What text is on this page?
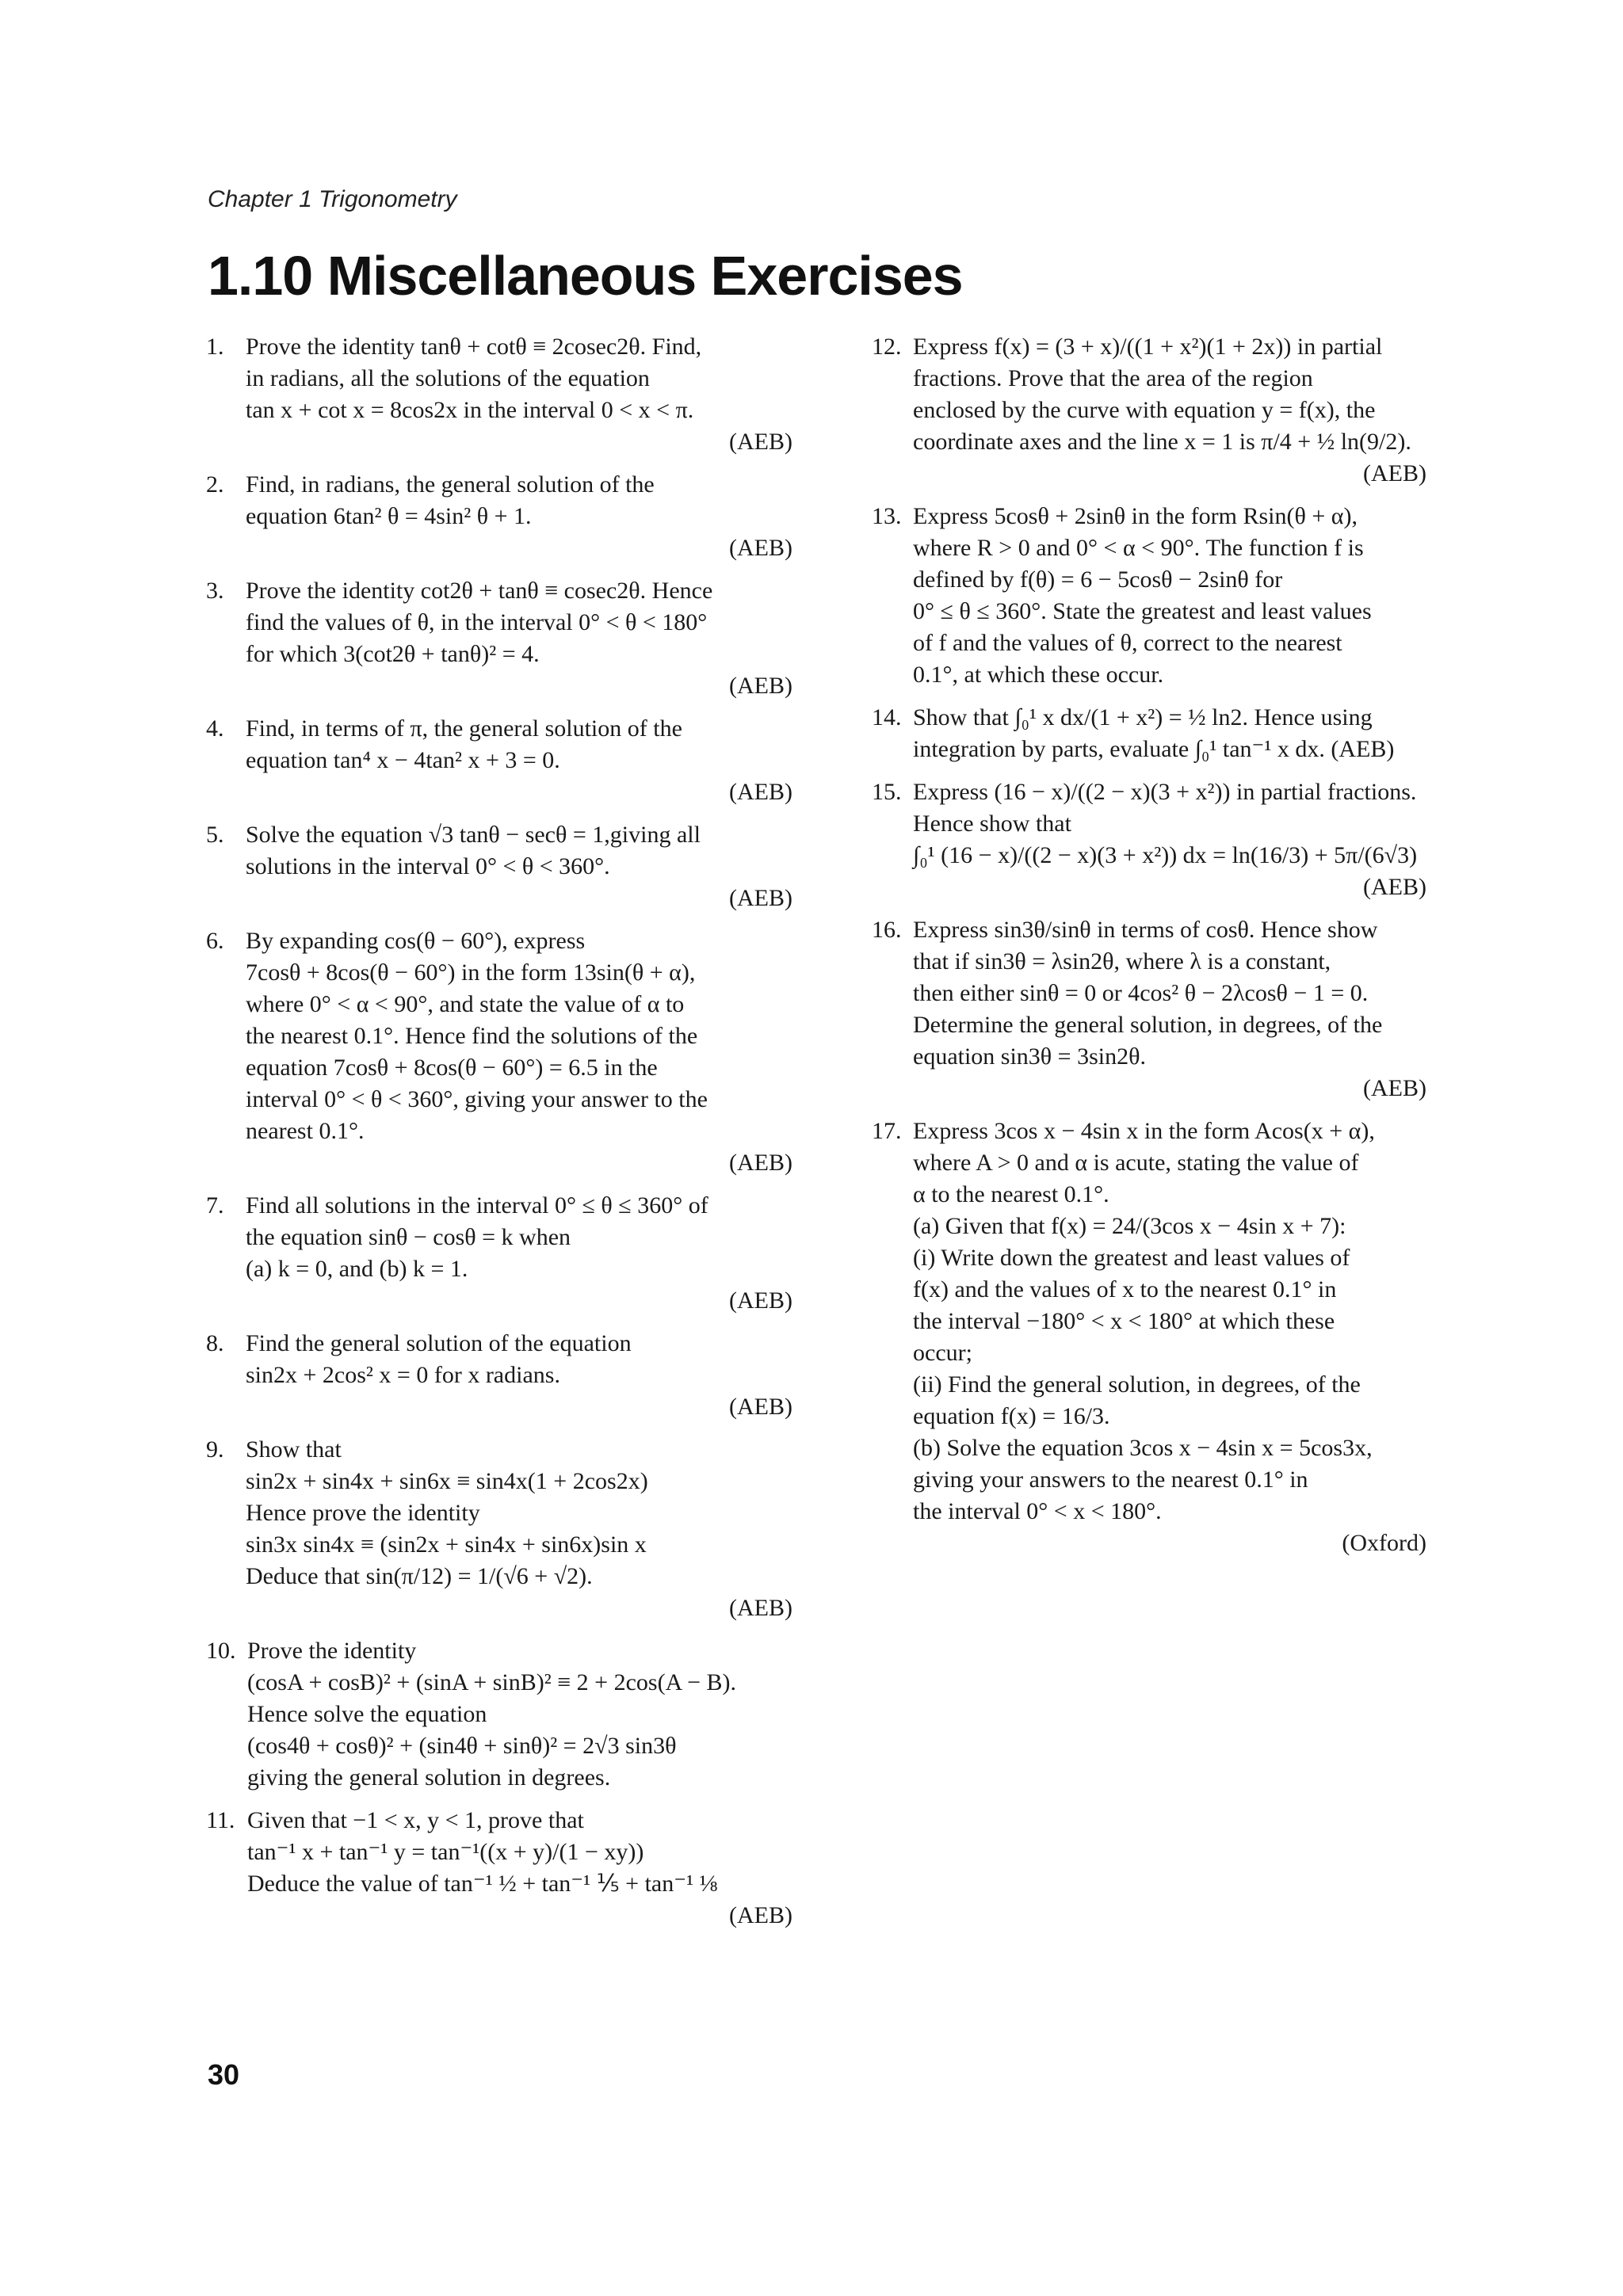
Chapter 1 Trigonometry
1.10 Miscellaneous Exercises
1. Prove the identity tanθ + cotθ ≡ 2cosec2θ. Find,
in radians, all the solutions of the equation
tan x + cot x = 8cos2x in the interval 0 < x < π.
(AEB)
2. Find, in radians, the general solution of the
equation 6tan² θ = 4sin² θ + 1.
(AEB)
3. Prove the identity cot2θ + tanθ ≡ cosec2θ. Hence
find the values of θ, in the interval 0° < θ < 180°
for which 3(cot2θ + tanθ)² = 4.
(AEB)
4. Find, in terms of π, the general solution of the
equation tan⁴ x − 4tan² x + 3 = 0.
(AEB)
5. Solve the equation √3 tanθ − secθ = 1,giving all
solutions in the interval 0° < θ < 360°.
(AEB)
6. By expanding cos(θ − 60°), express
7cosθ + 8cos(θ − 60°) in the form 13sin(θ + α),
where 0° < α < 90°, and state the value of α to
the nearest 0.1°. Hence find the solutions of the
equation 7cosθ + 8cos(θ − 60°) = 6.5 in the
interval 0° < θ < 360°, giving your answer to the
nearest 0.1°.
(AEB)
7. Find all solutions in the interval 0° ≤ θ ≤ 360° of
the equation sinθ − cosθ = k when
(a) k = 0, and (b) k = 1.
(AEB)
8. Find the general solution of the equation
sin2x + 2cos² x = 0 for x radians.
(AEB)
9. Show that
sin2x + sin4x + sin6x ≡ sin4x(1 + 2cos2x)
Hence prove the identity
sin3x sin4x ≡ (sin2x + sin4x + sin6x)sin x
Deduce that sin(π/12) = 1/(√6 + √2).
(AEB)
10. Prove the identity
(cosA + cosB)² + (sinA + sinB)² ≡ 2 + 2cos(A − B).
Hence solve the equation
(cos4θ + cosθ)² + (sin4θ + sinθ)² = 2√3 sin3θ
giving the general solution in degrees.
11. Given that −1 < x, y < 1, prove that
tan⁻¹ x + tan⁻¹ y = tan⁻¹((x + y)/(1 − xy))
Deduce the value of tan⁻¹ ½ + tan⁻¹ ⅕ + tan⁻¹ ⅛
(AEB)
12. Express f(x) = (3 + x)/((1 + x²)(1 + 2x)) in partial
fractions. Prove that the area of the region
enclosed by the curve with equation y = f(x), the
coordinate axes and the line x = 1 is π/4 + ½ ln(9/2).
(AEB)
13. Express 5cosθ + 2sinθ in the form Rsin(θ + α),
where R > 0 and 0° < α < 90°. The function f is
defined by f(θ) = 6 − 5cosθ − 2sinθ for
0° ≤ θ ≤ 360°. State the greatest and least values
of f and the values of θ, correct to the nearest
0.1°, at which these occur.
14. Show that ∫₀¹ x dx/(1 + x²) = ½ ln2. Hence using
integration by parts, evaluate ∫₀¹ tan⁻¹ x dx. (AEB)
15. Express (16 − x)/((2 − x)(3 + x²)) in partial fractions.
Hence show that
∫₀¹ (16 − x)/((2 − x)(3 + x²)) dx = ln(16/3) + 5π/(6√3)
(AEB)
16. Express sin3θ/sinθ in terms of cosθ. Hence show
that if sin3θ = λsin2θ, where λ is a constant,
then either sinθ = 0 or 4cos² θ − 2λcosθ − 1 = 0.
Determine the general solution, in degrees, of the
equation sin3θ = 3sin2θ.
(AEB)
17. Express 3cos x − 4sin x in the form Acos(x + α),
where A > 0 and α is acute, stating the value of
α to the nearest 0.1°.
(a) Given that f(x) = 24/(3cos x − 4sin x + 7):
(i) Write down the greatest and least values of
f(x) and the values of x to the nearest 0.1° in
the interval −180° < x < 180° at which these
occur;
(ii) Find the general solution, in degrees, of the
equation f(x) = 16/3.
(b) Solve the equation 3cos x − 4sin x = 5cos3x,
giving your answers to the nearest 0.1° in
the interval 0° < x < 180°.
(Oxford)
30
